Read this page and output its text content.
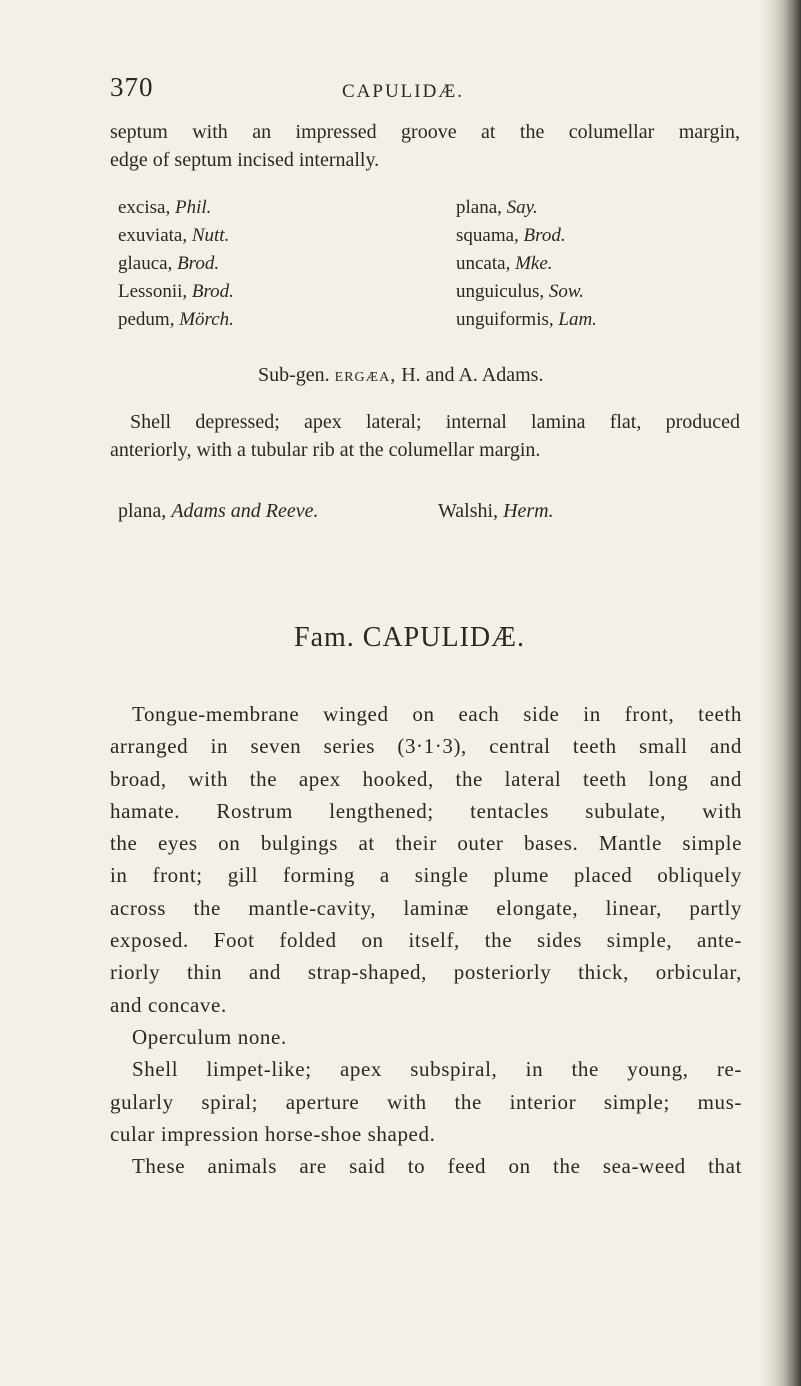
370	CAPULIDÆ.
septum with an impressed groove at the columellar margin,
edge of septum incised internally.
excisa, Phil.
exuviata, Nutt.
glauca, Brod.
Lessonii, Brod.
pedum, Mörch.
plana, Say.
squama, Brod.
uncata, Mke.
unguiculus, Sow.
unguiformis, Lam.
Sub-gen. ergæa, H. and A. Adams.
Shell depressed; apex lateral; internal lamina flat, produced
anteriorly, with a tubular rib at the columellar margin.
plana, Adams and Reeve.	Walshi, Herm.
Fam. CAPULIDÆ.
Tongue-membrane winged on each side in front, teeth
arranged in seven series (3·1·3), central teeth small and
broad, with the apex hooked, the lateral teeth long and
hamate. Rostrum lengthened; tentacles subulate, with
the eyes on bulgings at their outer bases. Mantle simple
in front; gill forming a single plume placed obliquely
across the mantle-cavity, laminæ elongate, linear, partly
exposed. Foot folded on itself, the sides simple, ante-
riorly thin and strap-shaped, posteriorly thick, orbicular,
and concave.
Operculum none.
Shell limpet-like; apex subspiral, in the young, re-
gularly spiral; aperture with the interior simple; mus-
cular impression horse-shoe shaped.
These animals are said to feed on the sea-weed that
